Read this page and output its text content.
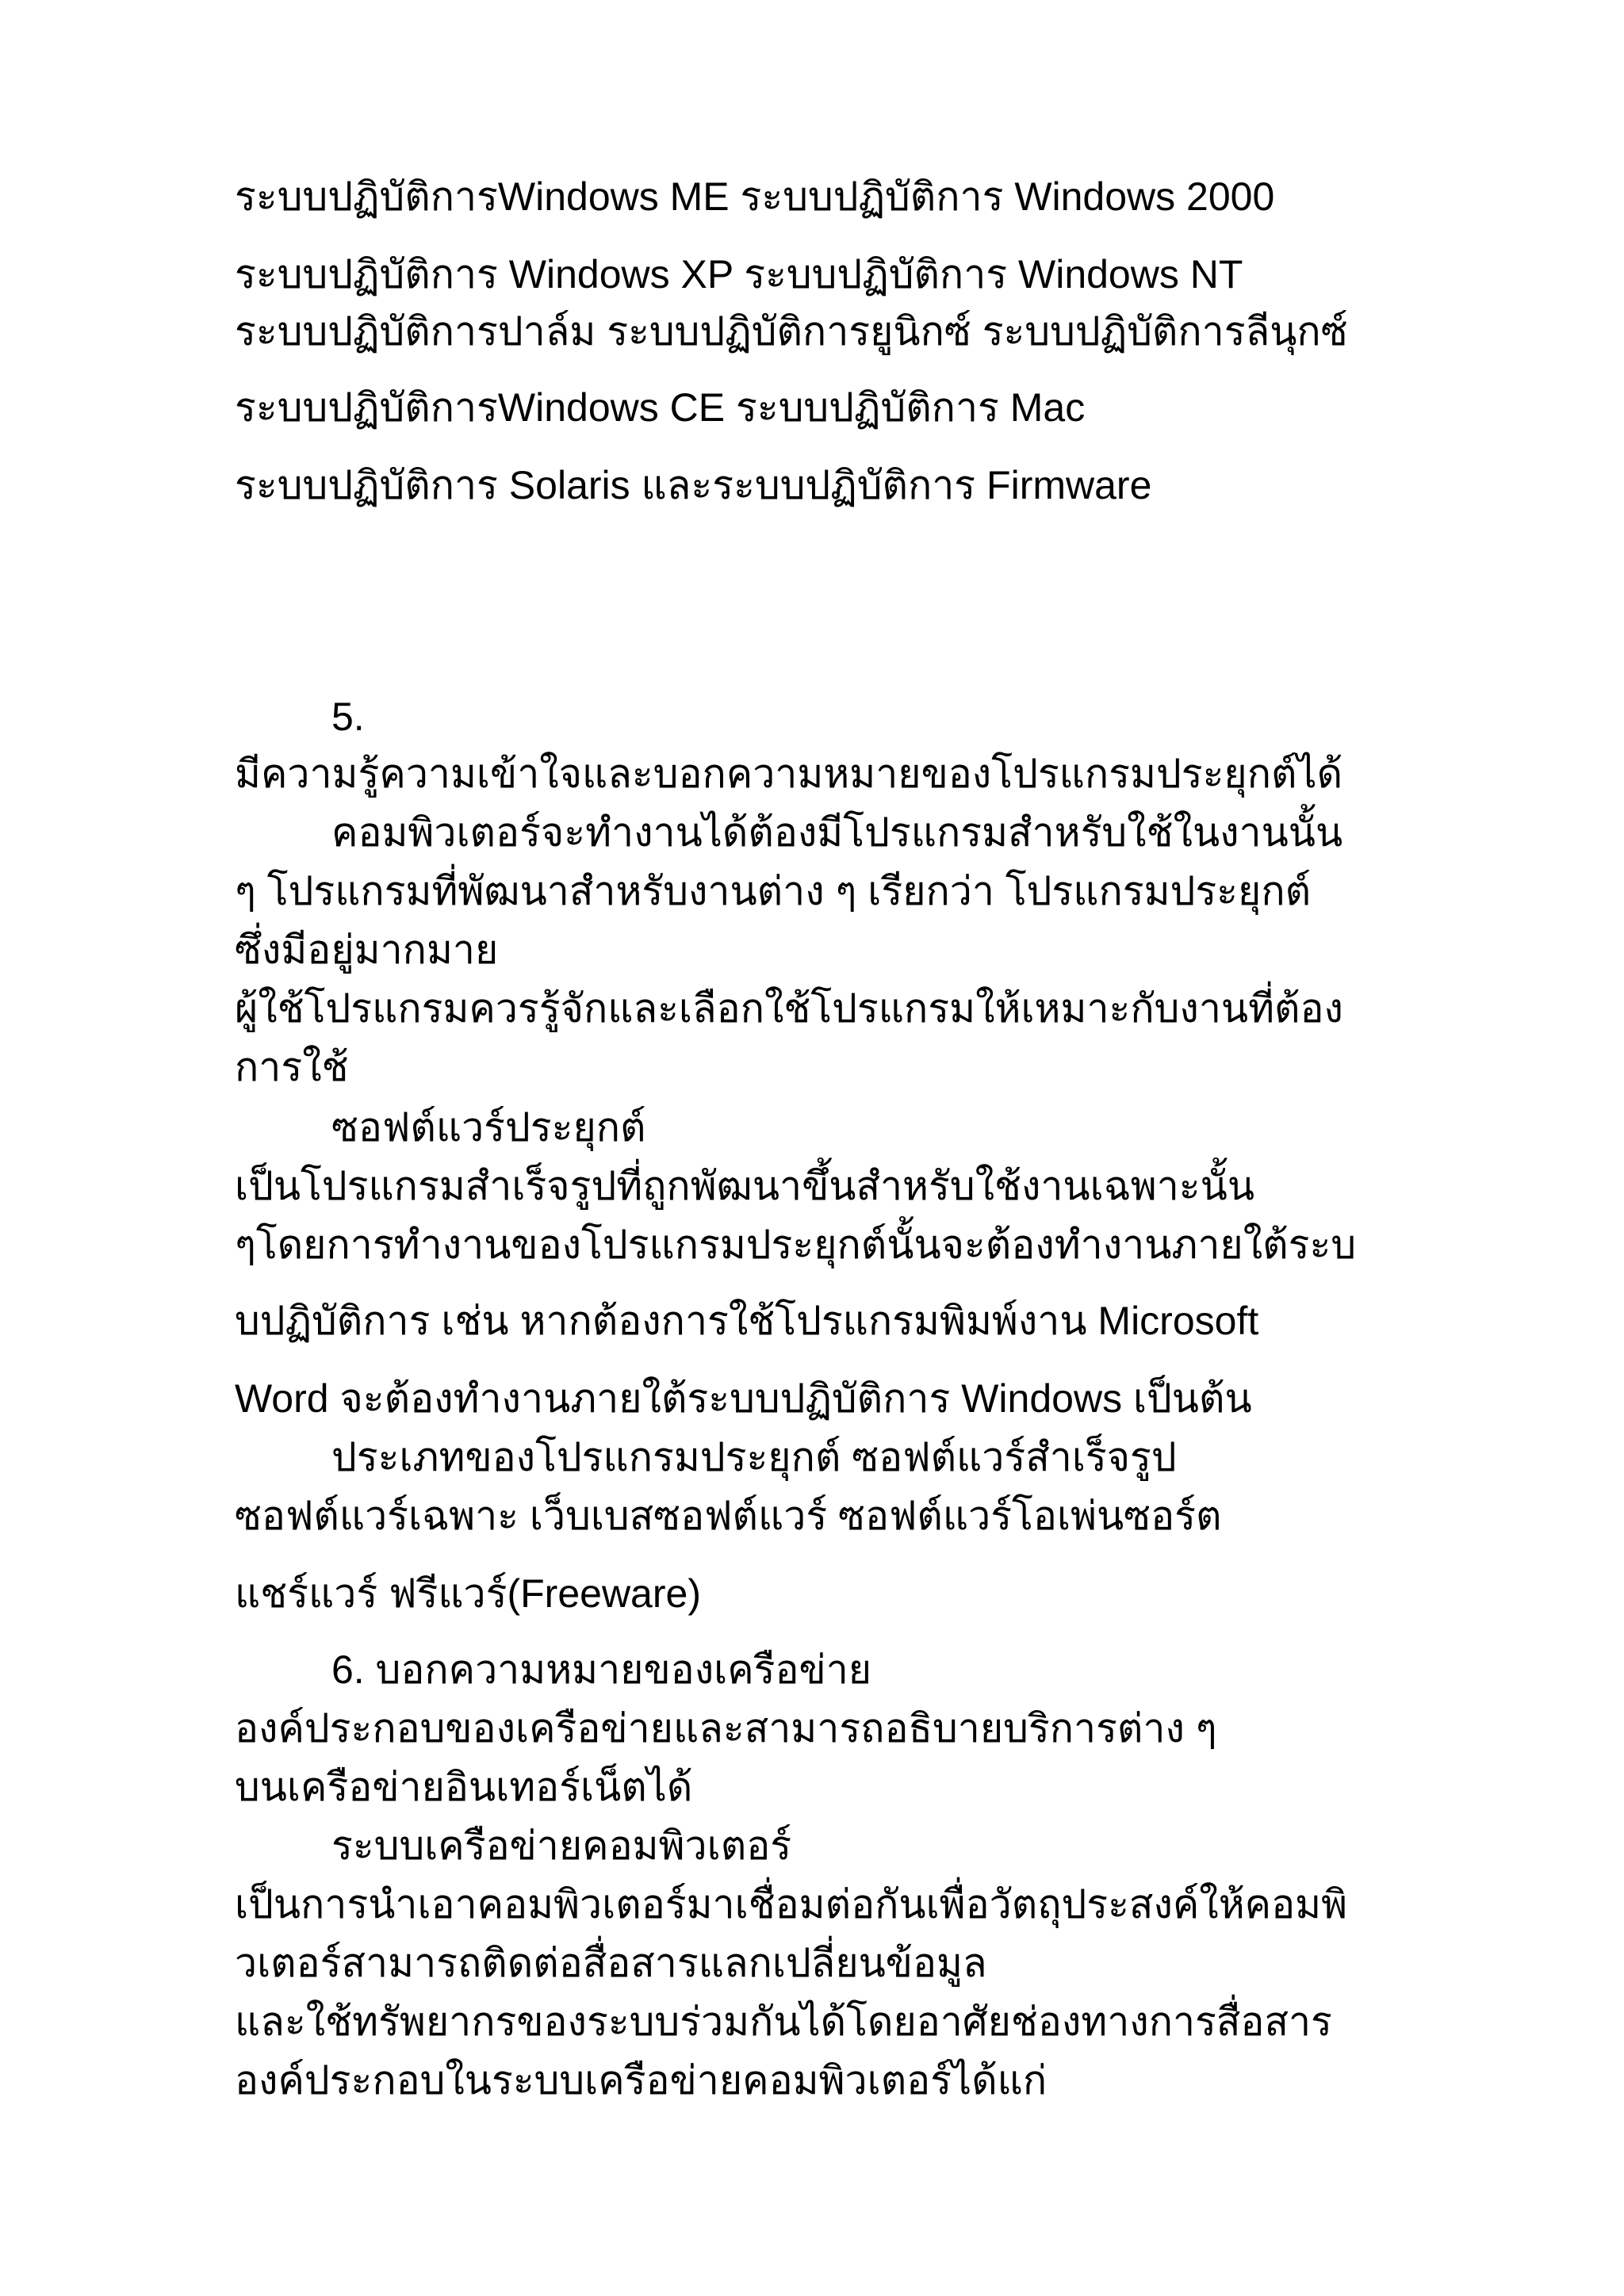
ระบบปฏิบัติการWindows ME ระบบปฏิบัติการ Windows 2000
ระบบปฏิบัติการ Windows XP ระบบปฏิบัติการ Windows NT
ระบบปฏิบัติการปาล์ม ระบบปฏิบัติการยูนิกซ์ ระบบปฏิบัติการลีนุกซ์
ระบบปฏิบัติการWindows CE ระบบปฏิบัติการ Mac
ระบบปฏิบัติการ Solaris และระบบปฏิบัติการ Firmware
5.
มีความรู้ความเข้าใจและบอกความหมายของโปรแกรมประยุกต์ได้
คอมพิวเตอร์จะทำงานได้ต้องมีโปรแกรมสำหรับใช้ในงานนั้น
ๆ โปรแกรมที่พัฒนาสำหรับงานต่าง ๆ เรียกว่า โปรแกรมประยุกต์
ซึ่งมีอยู่มากมาย
ผู้ใช้โปรแกรมควรรู้จักและเลือกใช้โปรแกรมให้เหมาะกับงานที่ต้อง
การใช้
ซอฟต์แวร์ประยุกต์
เป็นโปรแกรมสำเร็จรูปที่ถูกพัฒนาขึ้นสำหรับใช้งานเฉพาะนั้น
ๆโดยการทำงานของโปรแกรมประยุกต์นั้นจะต้องทำงานภายใต้ระบ
บปฏิบัติการ เช่น หากต้องการใช้โปรแกรมพิมพ์งาน Microsoft
Word จะต้องทำงานภายใต้ระบบปฏิบัติการ Windows เป็นต้น
ประเภทของโปรแกรมประยุกต์ ซอฟต์แวร์สำเร็จรูป
ซอฟต์แวร์เฉพาะ เว็บเบสซอฟต์แวร์ ซอฟต์แวร์โอเพ่นซอร์ต
แชร์แวร์ ฟรีแวร์(Freeware)
6. บอกความหมายของเครือข่าย
องค์ประกอบของเครือข่ายและสามารถอธิบายบริการต่าง ๆ
บนเครือข่ายอินเทอร์เน็ตได้
ระบบเครือข่ายคอมพิวเตอร์
เป็นการนำเอาคอมพิวเตอร์มาเชื่อมต่อกันเพื่อวัตถุประสงค์ให้คอมพิ
วเตอร์สามารถติดต่อสื่อสารแลกเปลี่ยนข้อมูล
และใช้ทรัพยากรของระบบร่วมกันได้โดยอาศัยช่องทางการสื่อสาร
องค์ประกอบในระบบเครือข่ายคอมพิวเตอร์ได้แก่
